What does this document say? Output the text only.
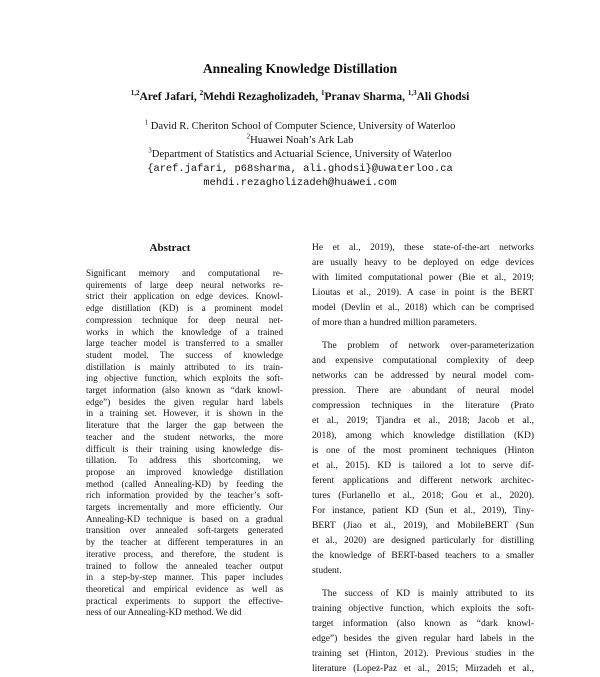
Annealing Knowledge Distillation
$^{1,2}$Aref Jafari, $^2$Mehdi Rezagholizadeh, $^1$Pranav Sharma, $^{1,3}$Ali Ghodsi
$^1$ David R. Cheriton School of Computer Science, University of Waterloo
$^2$Huawei Noah’s Ark Lab
$^3$Department of Statistics and Actuarial Science, University of Waterloo
{aref.jafari, p68sharma, ali.ghodsi}@uwaterloo.ca
mehdi.rezagholizadeh@huawei.com
Abstract
Significant memory and computational re-
quirements of large deep neural networks re-
strict their application on edge devices. Knowl-
edge distillation (KD) is a prominent model
compression technique for deep neural net-
works in which the knowledge of a trained
large teacher model is transferred to a smaller
student model. The success of knowledge
distillation is mainly attributed to its train-
ing objective function, which exploits the soft-
target information (also known as “dark knowl-
edge”) besides the given regular hard labels
in a training set. However, it is shown in the
literature that the larger the gap between the
teacher and the student networks, the more
difficult is their training using knowledge dis-
tillation. To address this shortcoming, we
propose an improved knowledge distillation
method (called Annealing-KD) by feeding the
rich information provided by the teacher’s soft-
targets incrementally and more efficiently. Our
Annealing-KD technique is based on a gradual
transition over annealed soft-targets generated
by the teacher at different temperatures in an
iterative process, and therefore, the student is
trained to follow the annealed teacher output
in a step-by-step manner. This paper includes
theoretical and empirical evidence as well as
practical experiments to support the effective-
ness of our Annealing-KD method. We did
He et al., 2019), these state-of-the-art networks
are usually heavy to be deployed on edge devices
with limited computational power (Bie et al., 2019;
Lioutas et al., 2019). A case in point is the BERT
model (Devlin et al., 2018) which can be comprised
of more than a hundred million parameters.
The problem of network over-parameterization
and expensive computational complexity of deep
networks can be addressed by neural model com-
pression. There are abundant of neural model
compression techniques in the literature (Prato
et al., 2019; Tjandra et al., 2018; Jacob et al.,
2018), among which knowledge distillation (KD)
is one of the most prominent techniques (Hinton
et al., 2015). KD is tailored a lot to serve dif-
ferent applications and different network architec-
tures (Furlanello et al., 2018; Gou et al., 2020).
For instance, patient KD (Sun et al., 2019), Tiny-
BERT (Jiao et al., 2019), and MobileBERT (Sun
et al., 2020) are designed particularly for distilling
the knowledge of BERT-based teachers to a smaller
student.
The success of KD is mainly attributed to its
training objective function, which exploits the soft-
target information (also known as “dark knowl-
edge”) besides the given regular hard labels in the
training set (Hinton, 2012). Previous studies in the
literature (Lopez-Paz et al., 2015; Mirzadeh et al.,
